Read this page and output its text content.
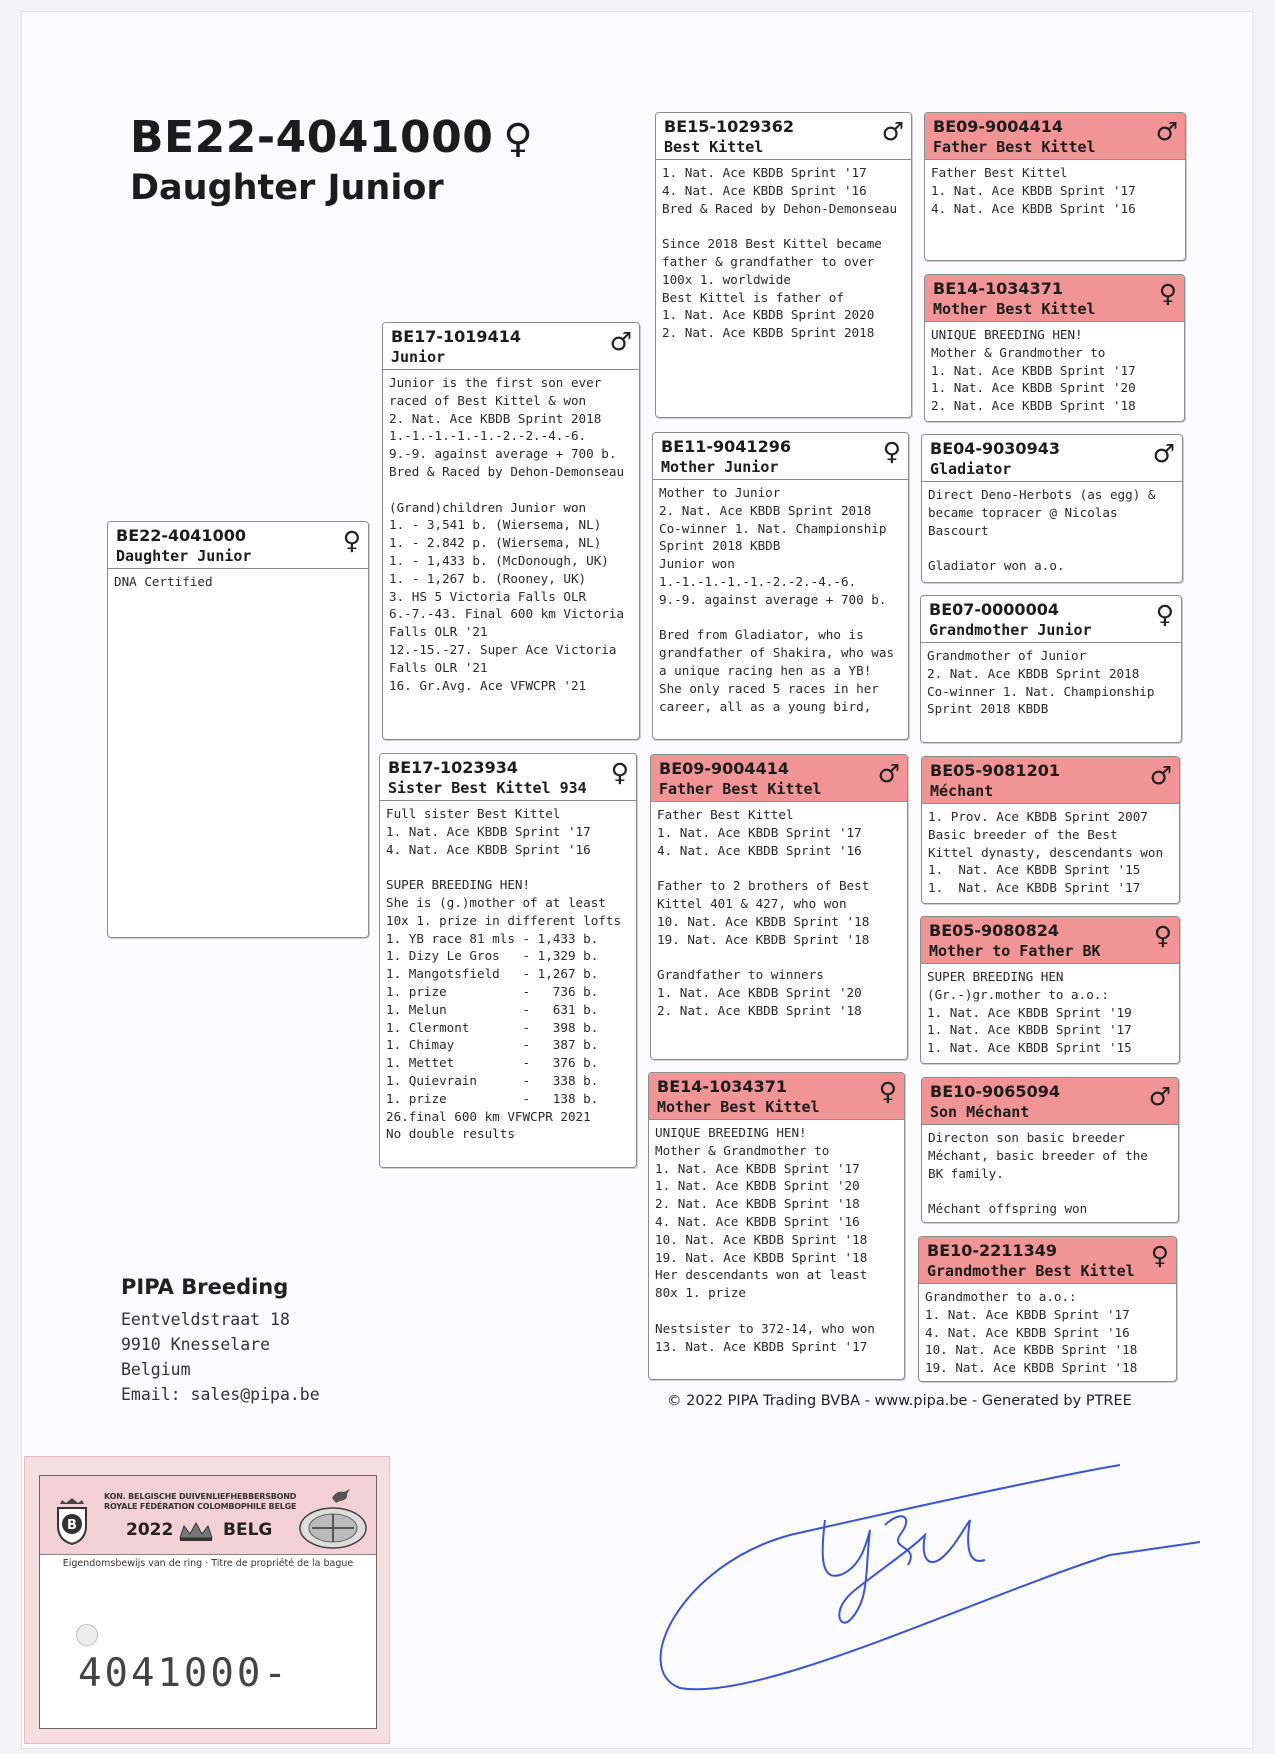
BE22-4041000 ♀
Daughter Junior
BE22-4041000
Daughter Junior
♀
DNA Certified
BE17-1019414
Junior
♂
Junior is the first son ever
raced of Best Kittel & won
2. Nat. Ace KBDB Sprint 2018
1.-1.-1.-1.-1.-2.-2.-4.-6.
9.-9. against average + 700 b.
Bred & Raced by Dehon-Demonseau
(Grand)children Junior won
1. - 3,541 b. (Wiersema, NL)
1. - 2.842 p. (Wiersema, NL)
1. - 1,433 b. (McDonough, UK)
1. - 1,267 b. (Rooney, UK)
3. HS 5 Victoria Falls OLR
6.-7.-43. Final 600 km Victoria
Falls OLR '21
12.-15.-27. Super Ace Victoria
Falls OLR '21
16. Gr.Avg. Ace VFWCPR '21
BE17-1023934
Sister Best Kittel 934
♀
Full sister Best Kittel
1. Nat. Ace KBDB Sprint '17
4. Nat. Ace KBDB Sprint '16
SUPER BREEDING HEN!
She is (g.)mother of at least
10x 1. prize in different lofts
1. YB race 81 mls - 1,433 b.
1. Dizy Le Gros   - 1,329 b.
1. Mangotsfield   - 1,267 b.
1. prize          -   736 b.
1. Melun          -   631 b.
1. Clermont       -   398 b.
1. Chimay         -   387 b.
1. Mettet         -   376 b.
1. Quievrain      -   338 b.
1. prize          -   138 b.
26.final 600 km VFWCPR 2021
No double results
BE15-1029362
Best Kittel
♂
1. Nat. Ace KBDB Sprint '17
4. Nat. Ace KBDB Sprint '16
Bred & Raced by Dehon-Demonseau
Since 2018 Best Kittel became
father & grandfather to over
100x 1. worldwide
Best Kittel is father of
1. Nat. Ace KBDB Sprint 2020
2. Nat. Ace KBDB Sprint 2018
BE11-9041296
Mother Junior
♀
Mother to Junior
2. Nat. Ace KBDB Sprint 2018
Co-winner 1. Nat. Championship
Sprint 2018 KBDB
Junior won
1.-1.-1.-1.-1.-2.-2.-4.-6.
9.-9. against average + 700 b.
Bred from Gladiator, who is
grandfather of Shakira, who was
a unique racing hen as a YB!
She only raced 5 races in her
career, all as a young bird,
BE09-9004414
Father Best Kittel
♂
Father Best Kittel
1. Nat. Ace KBDB Sprint '17
4. Nat. Ace KBDB Sprint '16
Father to 2 brothers of Best
Kittel 401 & 427, who won
10. Nat. Ace KBDB Sprint '18
19. Nat. Ace KBDB Sprint '18
Grandfather to winners
1. Nat. Ace KBDB Sprint '20
2. Nat. Ace KBDB Sprint '18
BE14-1034371
Mother Best Kittel
♀
UNIQUE BREEDING HEN!
Mother & Grandmother to
1. Nat. Ace KBDB Sprint '17
1. Nat. Ace KBDB Sprint '20
2. Nat. Ace KBDB Sprint '18
4. Nat. Ace KBDB Sprint '16
10. Nat. Ace KBDB Sprint '18
19. Nat. Ace KBDB Sprint '18
Her descendants won at least
80x 1. prize
Nestsister to 372-14, who won
13. Nat. Ace KBDB Sprint '17
BE09-9004414
Father Best Kittel
♂
Father Best Kittel
1. Nat. Ace KBDB Sprint '17
4. Nat. Ace KBDB Sprint '16
BE14-1034371
Mother Best Kittel
♀
UNIQUE BREEDING HEN!
Mother & Grandmother to
1. Nat. Ace KBDB Sprint '17
1. Nat. Ace KBDB Sprint '20
2. Nat. Ace KBDB Sprint '18
BE04-9030943
Gladiator
♂
Direct Deno-Herbots (as egg) &
became topracer @ Nicolas
Bascourt
Gladiator won a.o.
BE07-0000004
Grandmother Junior
♀
Grandmother of Junior
2. Nat. Ace KBDB Sprint 2018
Co-winner 1. Nat. Championship
Sprint 2018 KBDB
BE05-9081201
Méchant
♂
1. Prov. Ace KBDB Sprint 2007
Basic breeder of the Best
Kittel dynasty, descendants won
1.  Nat. Ace KBDB Sprint '15
1.  Nat. Ace KBDB Sprint '17
BE05-9080824
Mother to Father BK
♀
SUPER BREEDING HEN
(Gr.-)gr.mother to a.o.:
1. Nat. Ace KBDB Sprint '19
1. Nat. Ace KBDB Sprint '17
1. Nat. Ace KBDB Sprint '15
BE10-9065094
Son Méchant
♂
Directon son basic breeder
Méchant, basic breeder of the
BK family.
Méchant offspring won
BE10-2211349
Grandmother Best Kittel
♀
Grandmother to a.o.:
1. Nat. Ace KBDB Sprint '17
4. Nat. Ace KBDB Sprint '16
10. Nat. Ace KBDB Sprint '18
19. Nat. Ace KBDB Sprint '18
PIPA Breeding
Eentveldstraat 18
9910 Knesselare
Belgium
Email: sales@pipa.be	© 2022 PIPA Trading BVBA - www.pipa.be - Generated by PTREE
B
KON. BELGISCHE DUIVENLIEFHEBBERSBOND
ROYALE FÉDÉRATION COLOMBOPHILE BELGE
2022	BELG
Eigendomsbewijs van de ring · Titre de propriété de la bague
4041000-
